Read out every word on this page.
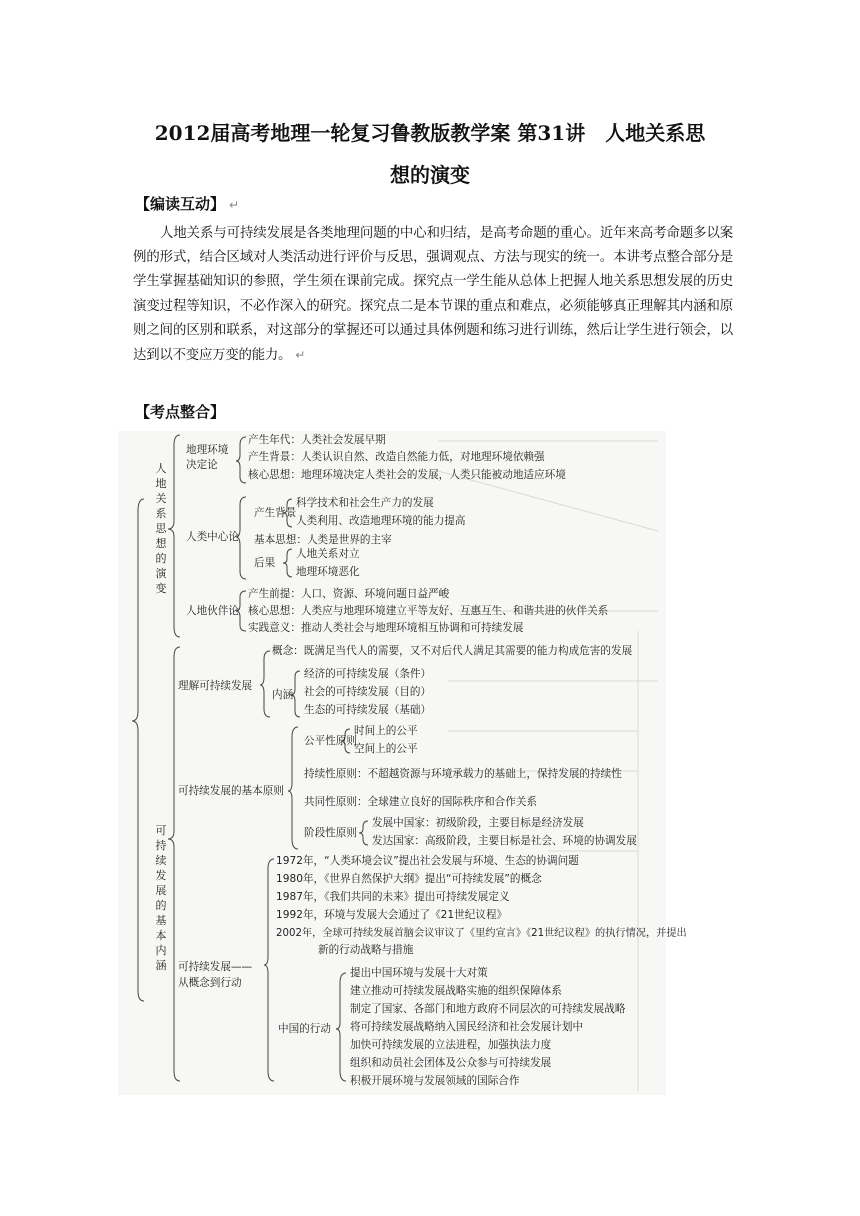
2012届高考地理一轮复习鲁教版教学案 第31讲　人地关系思
想的演变
【编读互动】 ↵

人地关系与可持续发展是各类地理问题的中心和归结，是高考命题的重心。近年来高考命题多以案例的形式，结合区域对人类活动进行评价与反思，强调观点、方法与现实的统一。本讲考点整合部分是学生掌握基础知识的参照，学生须在课前完成。探究点一学生能从总体上把握人地关系思想发展的历史演变过程等知识，不必作深入的研究。探究点二是本节课的重点和难点，必须能够真正理解其内涵和原则之间的区别和联系，对这部分的掌握还可以通过具体例题和练习进行训练，然后让学生进行领会，以达到以不变应万变的能力。 ↵

【考点整合】
人地关系思想的演变
地理环境决定论
产生年代：人类社会发展早期
产生背景：人类认识自然、改造自然能力低，对地理环境依赖强
核心思想：地理环境决定人类社会的发展，人类只能被动地适应环境
人类中心论
产生背景
科学技术和社会生产力的发展
人类利用、改造地理环境的能力提高
基本思想：人类是世界的主宰
后果
人地关系对立
地理环境恶化
人地伙伴论
产生前提：人口、资源、环境问题日益严峻
核心思想：人类应与地理环境建立平等友好、互惠互生、和谐共进的伙伴关系
实践意义：推动人类社会与地理环境相互协调和可持续发展
可持续发展的基本内涵
理解可持续发展
概念：既满足当代人的需要，又不对后代人满足其需要的能力构成危害的发展
内涵
经济的可持续发展（条件）
社会的可持续发展（目的）
生态的可持续发展（基础）
可持续发展的基本原则
公平性原则
时间上的公平
空间上的公平
持续性原则：不超越资源与环境承载力的基础上，保持发展的持续性
共同性原则：全球建立良好的国际秩序和合作关系
阶段性原则
发展中国家：初级阶段，主要目标是经济发展
发达国家：高级阶段，主要目标是社会、环境的协调发展
可持续发展——从概念到行动
1972年，“人类环境会议”提出社会发展与环境、生态的协调问题
1980年，《世界自然保护大纲》提出“可持续发展”的概念
1987年，《我们共同的未来》提出可持续发展定义
1992年，环境与发展大会通过了《21世纪议程》
2002年，全球可持续发展首脑会议审议了《里约宣言》《21世纪议程》的执行情况，并提出
新的行动战略与措施
中国的行动
提出中国环境与发展十大对策
建立推动可持续发展战略实施的组织保障体系
制定了国家、各部门和地方政府不同层次的可持续发展战略
将可持续发展战略纳入国民经济和社会发展计划中
加快可持续发展的立法进程，加强执法力度
组织和动员社会团体及公众参与可持续发展
积极开展环境与发展领域的国际合作
